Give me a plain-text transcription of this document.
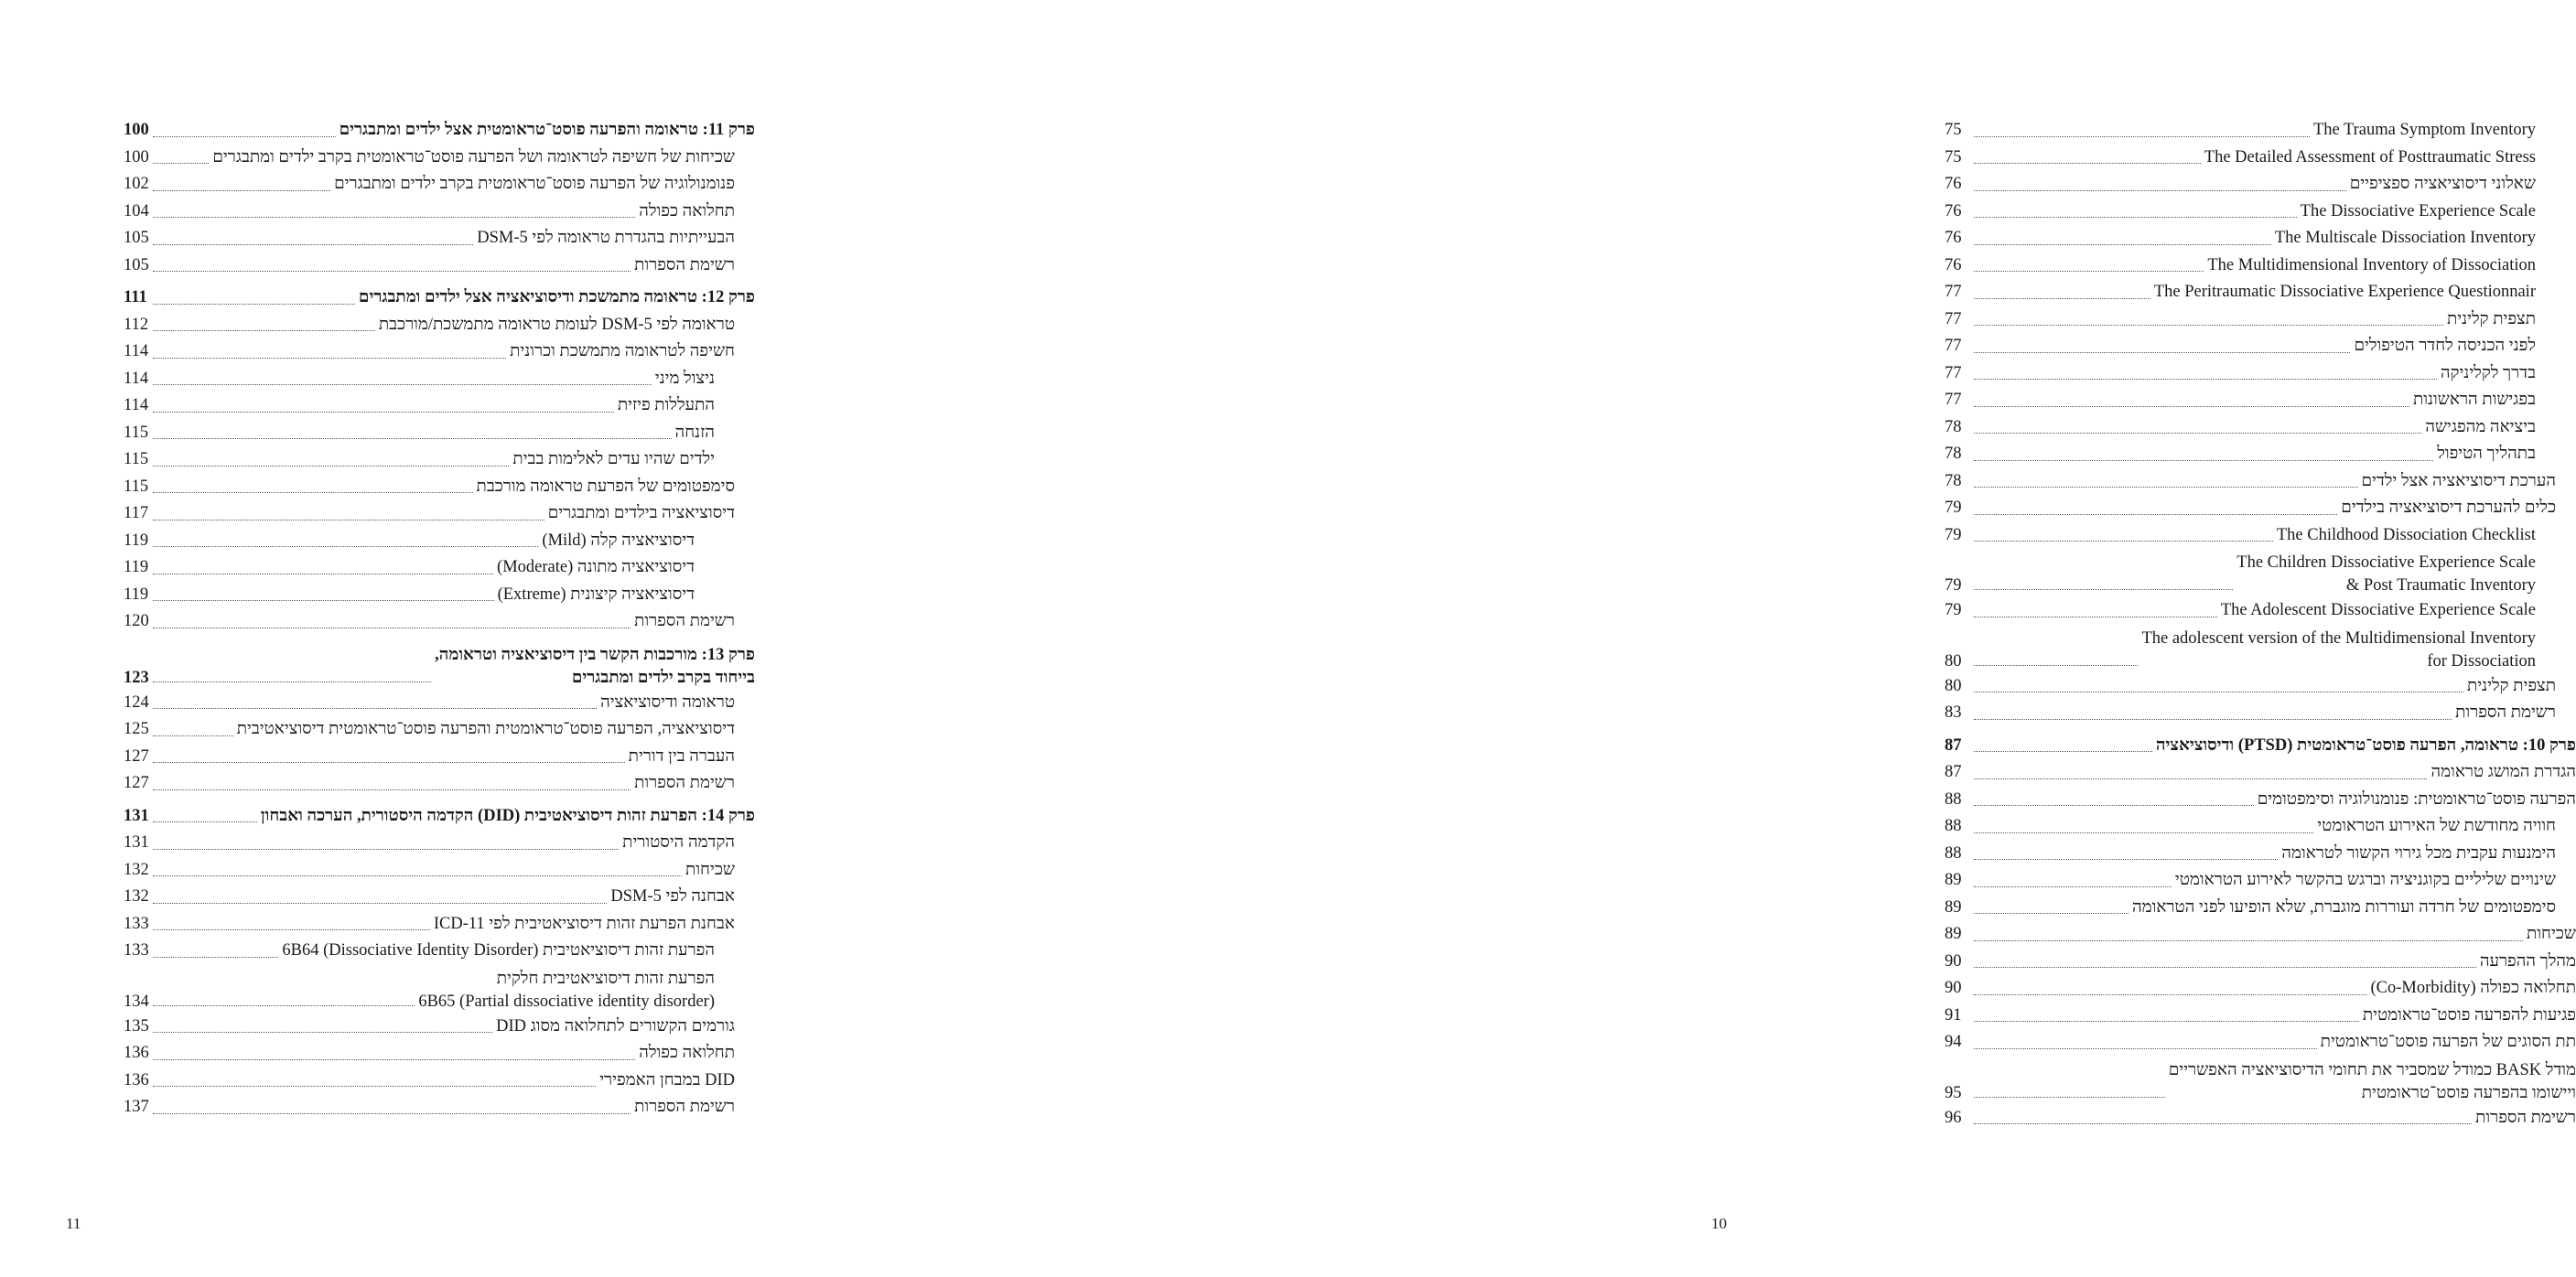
פרק 11: טראומה והפרעה פוסט־טראומטית אצל ילדים ומתבגרים
100
שכיחות של חשיפה לטראומה ושל הפרעה פוסט־טראומטית בקרב ילדים ומתבגרים
100
פנומנולוגיה של הפרעה פוסט־טראומטית בקרב ילדים ומתבגרים
102
תחלואה כפולה
104
הבעייתיות בהגדרת טראומה לפי DSM-5
105
רשימת הספרות
105
פרק 12: טראומה מתמשכת ודיסוציאציה אצל ילדים ומתבגרים
111
טראומה לפי DSM-5 לעומת טראומה מתמשכת/מורכבת
112
חשיפה לטראומה מתמשכת וכרונית
114
ניצול מיני
114
התעללות פיזית
114
הזנחה
115
ילדים שהיו עדים לאלימות בבית
115
סימפטומים של הפרעת טראומה מורכבת
115
דיסוציאציה בילדים ומתבגרים
117
דיסוציאציה קלה (Mild)
119
דיסוציאציה מתונה (Moderate)
119
דיסוציאציה קיצונית (Extreme)
119
רשימת הספרות
120
פרק 13: מורכבות הקשר בין דיסוציאציה וטראומה,
בייחוד בקרב ילדים ומתבגרים
123
טראומה ודיסוציאציה
124
דיסוציאציה, הפרעה פוסט־טראומטית והפרעה פוסט־טראומטית דיסוציאטיבית
125
העברה בין דורית
127
רשימת הספרות
127
פרק 14: הפרעת זהות דיסוציאטיבית (DID) הקדמה היסטורית, הערכה ואבחון
131
הקדמה היסטורית
131
שכיחות
132
אבחנה לפי DSM-5
132
אבחנת הפרעת זהות דיסוציאטיבית לפי ICD-11
133
הפרעת זהות דיסוציאטיבית (Dissociative Identity Disorder) 6B64
133
הפרעת זהות דיסוציאטיבית חלקית
6B65 (Partial dissociative identity disorder)
134
גורמים הקשורים לתחלואה מסוג DID
135
תחלואה כפולה
136
DID במבחן האמפירי
136
רשימת הספרות
137
11
The Trauma Symptom Inventory
75
The Detailed Assessment of Posttraumatic Stress
75
שאלוני דיסוציאציה ספציפיים
76
The Dissociative Experience Scale
76
The Multiscale Dissociation Inventory
76
The Multidimensional Inventory of Dissociation
76
The Peritraumatic Dissociative Experience Questionnair
77
תצפית קלינית
77
לפני הכניסה לחדר הטיפולים
77
בדרך לקליניקה
77
בפגישות הראשונות
77
ביציאה מהפגישה
78
בתהליך הטיפול
78
הערכת דיסוציאציה אצל ילדים
78
כלים להערכת דיסוציאציה בילדים
79
The Childhood Dissociation Checklist
79
The Children Dissociative Experience Scale
& Post Traumatic Inventory
79
The Adolescent Dissociative Experience Scale
79
The adolescent version of the Multidimensional Inventory
for Dissociation
80
תצפית קלינית
80
רשימת הספרות
83
פרק 10: טראומה, הפרעה פוסט־טראומטית (PTSD) ודיסוציאציה
87
הגדרת המושג טראומה
87
הפרעה פוסט־טראומטית: פנומנולוגיה וסימפטומים
88
חוויה מחודשת של האירוע הטראומטי
88
הימנעות עקבית מכל גירוי הקשור לטראומה
88
שינויים שליליים בקוגניציה וברגש בהקשר לאירוע הטראומטי
89
סימפטומים של חרדה ועוררות מוגברת, שלא הופיעו לפני הטראומה
89
שכיחות
89
מהלך ההפרעה
90
תחלואה כפולה (Co-Morbidity)
90
פגיעות להפרעה פוסט־טראומטית
91
תת הסוגים של הפרעה פוסט־טראומטית
94
מודל BASK כמודל שמסביר את תחומי הדיסוציאציה האפשריים
ויישומו בהפרעה פוסט־טראומטית
95
רשימת הספרות
96
10
